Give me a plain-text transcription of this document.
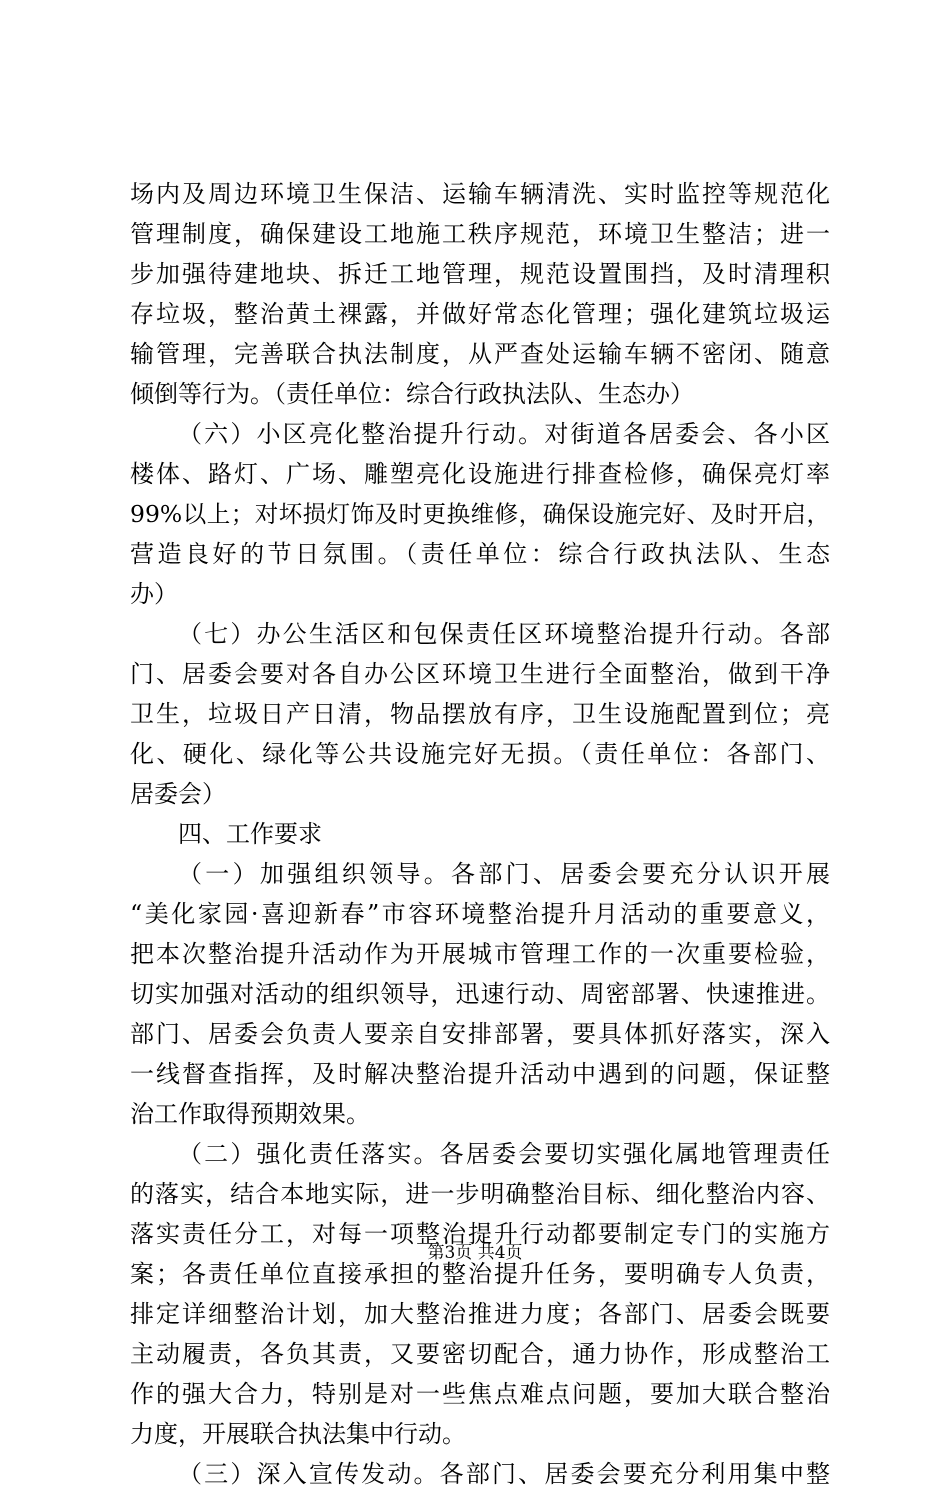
场内及周边环境卫生保洁、运输车辆清洗、实时监控等规范化
管理制度，确保建设工地施工秩序规范，环境卫生整洁；进一
步加强待建地块、拆迁工地管理，规范设置围挡，及时清理积
存垃圾，整治黄土裸露，并做好常态化管理；强化建筑垃圾运
输管理，完善联合执法制度，从严查处运输车辆不密闭、随意
倾倒等行为。（责任单位：综合行政执法队、生态办）
（六）小区亮化整治提升行动。对街道各居委会、各小区
楼体、路灯、广场、雕塑亮化设施进行排查检修，确保亮灯率
99%以上；对坏损灯饰及时更换维修，确保设施完好、及时开启，
营造良好的节日氛围。（责任单位：综合行政执法队、生态
办）
（七）办公生活区和包保责任区环境整治提升行动。各部
门、居委会要对各自办公区环境卫生进行全面整治，做到干净
卫生，垃圾日产日清，物品摆放有序，卫生设施配置到位；亮
化、硬化、绿化等公共设施完好无损。（责任单位：各部门、
居委会）
四、工作要求
（一）加强组织领导。各部门、居委会要充分认识开展
“美化家园·喜迎新春”市容环境整治提升月活动的重要意义，
把本次整治提升活动作为开展城市管理工作的一次重要检验，
切实加强对活动的组织领导，迅速行动、周密部署、快速推进。
部门、居委会负责人要亲自安排部署，要具体抓好落实，深入
一线督查指挥，及时解决整治提升活动中遇到的问题，保证整
治工作取得预期效果。
（二）强化责任落实。各居委会要切实强化属地管理责任
的落实，结合本地实际，进一步明确整治目标、细化整治内容、
落实责任分工，对每一项整治提升行动都要制定专门的实施方
案；各责任单位直接承担的整治提升任务，要明确专人负责，
排定详细整治计划，加大整治推进力度；各部门、居委会既要
主动履责，各负其责，又要密切配合，通力协作，形成整治工
作的强大合力，特别是对一些焦点难点问题，要加大联合整治
力度，开展联合执法集中行动。
（三）深入宣传发动。各部门、居委会要充分利用集中整
第3页 共4页
